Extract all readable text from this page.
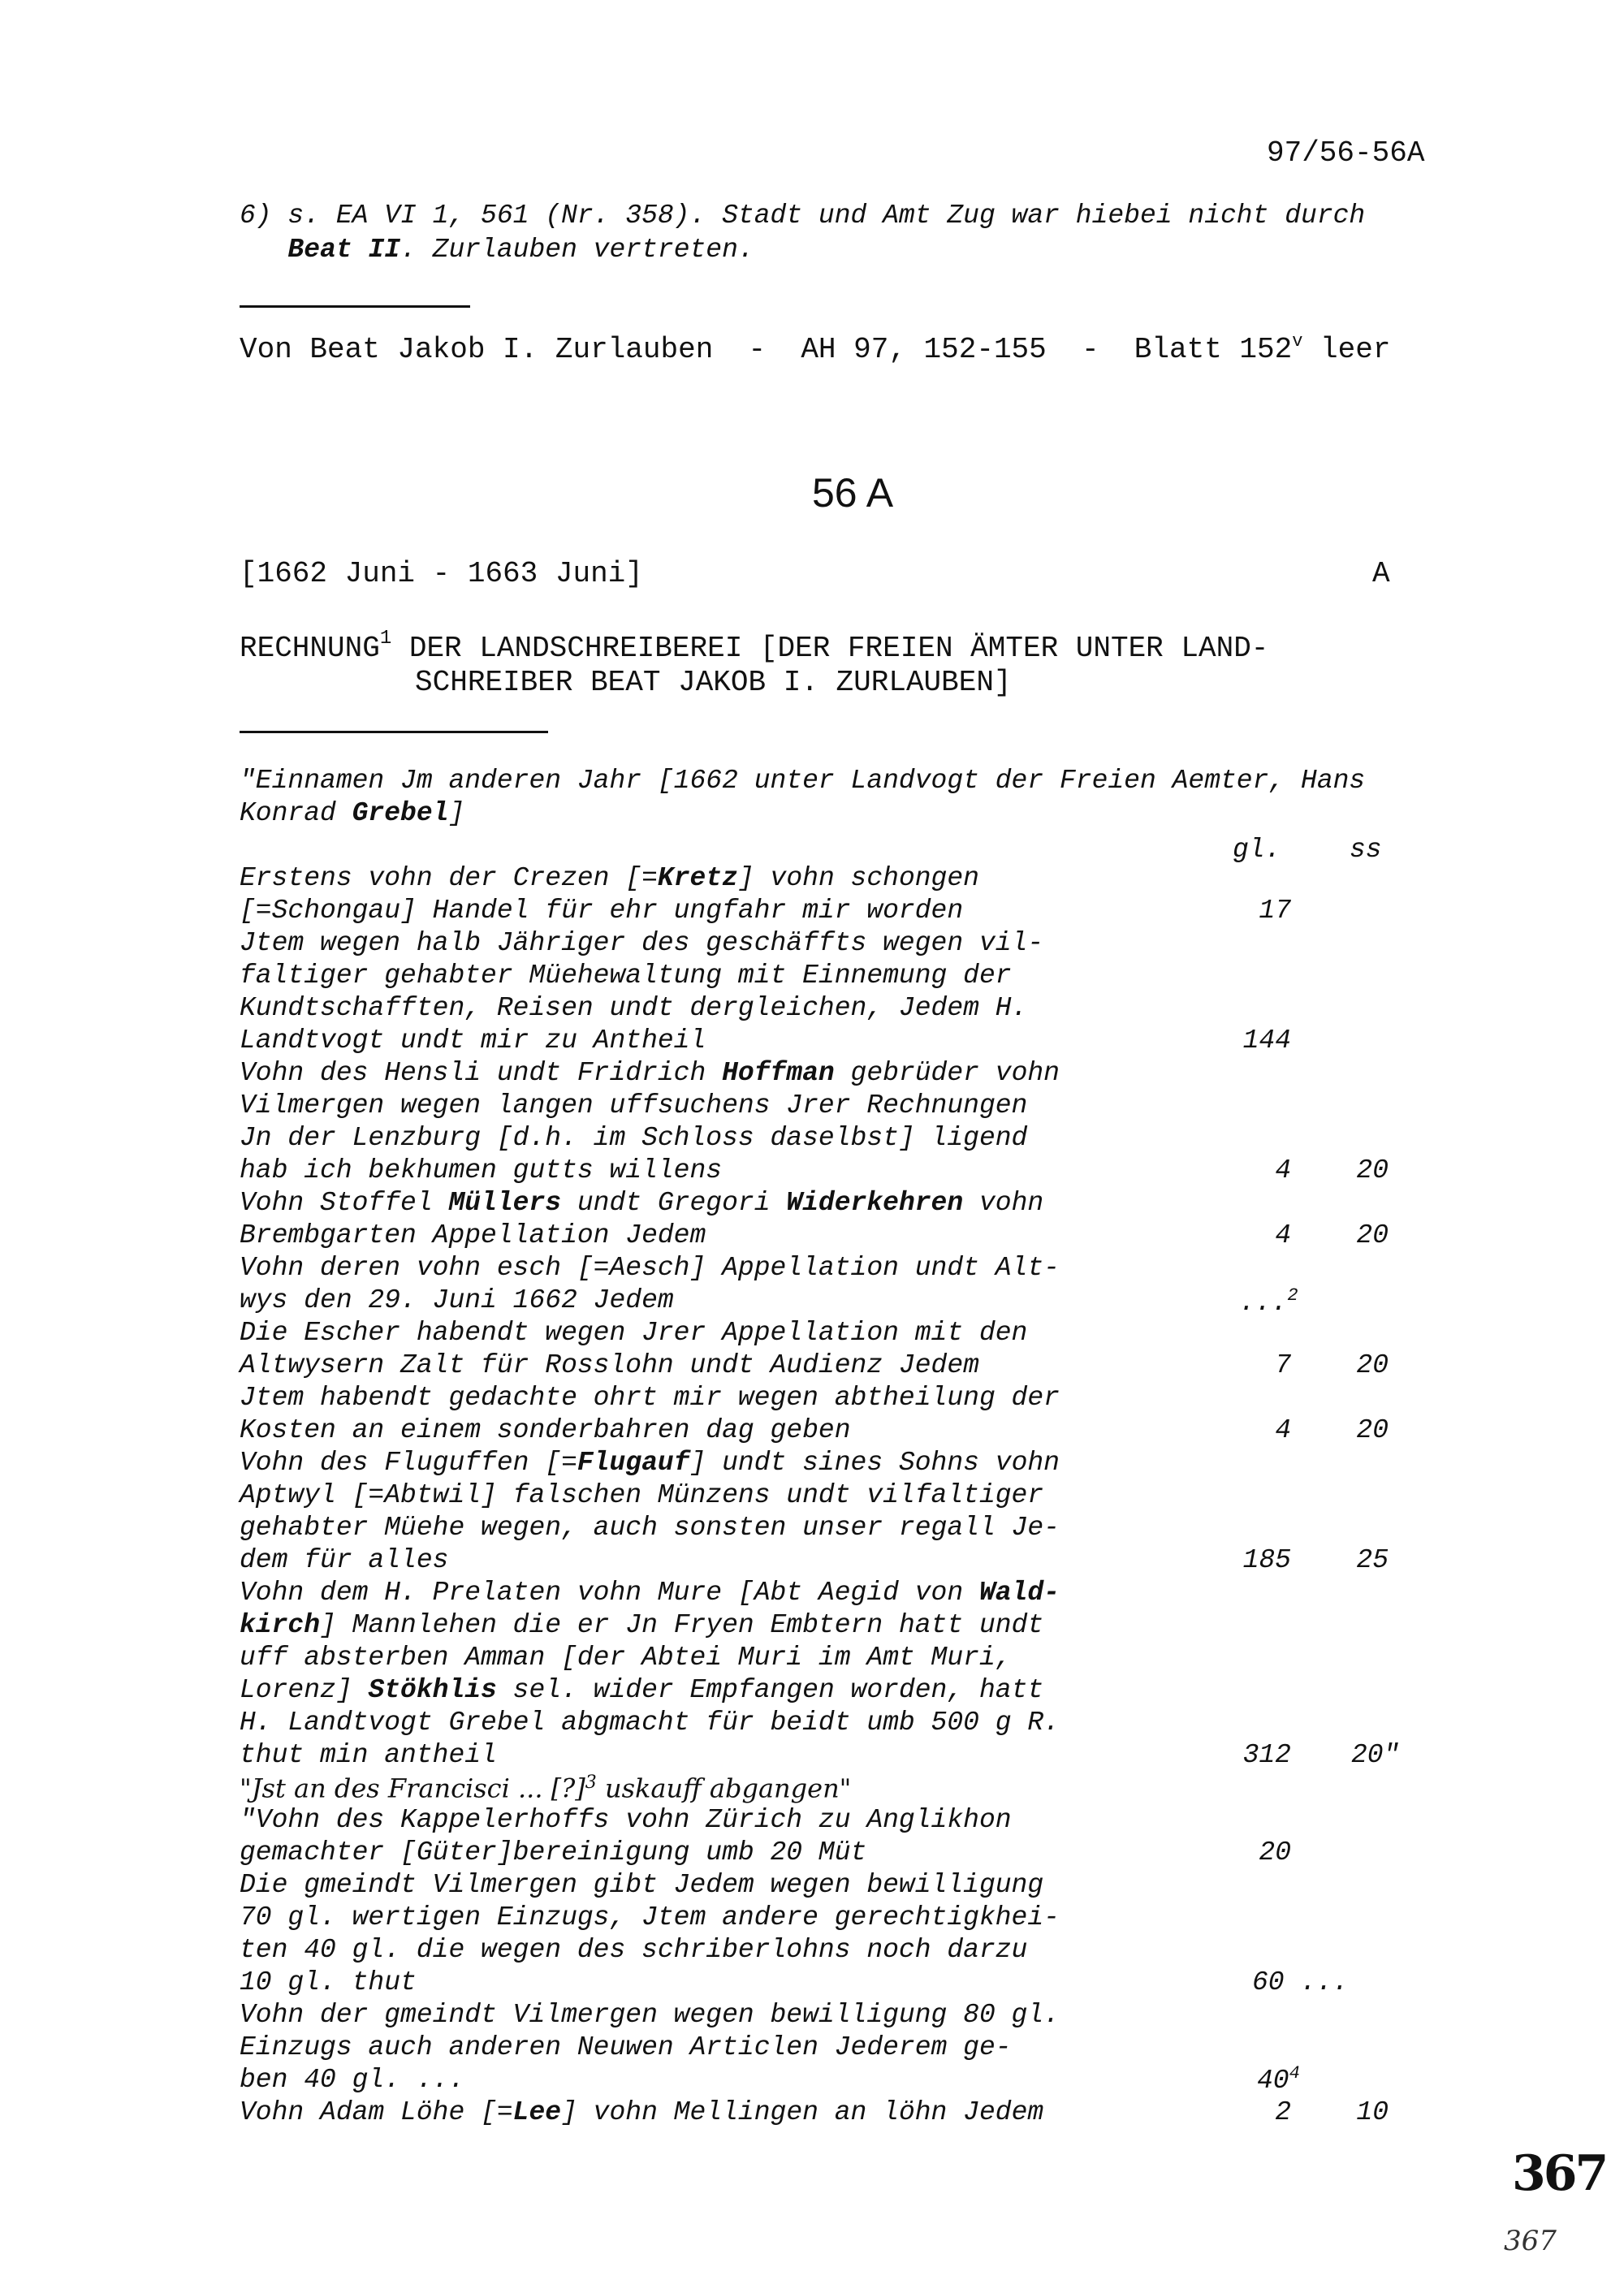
97/56-56A
6) s. EA VI 1, 561 (Nr. 358). Stadt und Amt Zug war hiebei nicht durch
Beat II. Zurlauben vertreten.
Von Beat Jakob I. Zurlauben  -  AH 97, 152-155  -  Blatt 152$^v$ leer
56 A
[1662 Juni - 1663 Juni]	A
RECHNUNG$^1$ DER LANDSCHREIBEREI [DER FREIEN ÄMTER UNTER LAND-
SCHREIBER BEAT JAKOB I. ZURLAUBEN]
"Einnamen Jm anderen Jahr [1662 unter Landvogt der Freien Aemter, Hans
Konrad Grebel]
gl.	ss
Erstens vohn der Crezen [=Kretz] vohn schongen
[=Schongau] Handel für ehr ungfahr mir worden
Jtem wegen halb Jähriger des geschäffts wegen vil-
faltiger gehabter Müehewaltung mit Einnemung der
Kundtschafften, Reisen undt dergleichen, Jedem H.
Landtvogt undt mir zu Antheil
Vohn des Hensli undt Fridrich Hoffman gebrüder vohn
Vilmergen wegen langen uffsuchens Jrer Rechnungen
Jn der Lenzburg [d.h. im Schloss daselbst] ligend
hab ich bekhumen gutts willens
Vohn Stoffel Müllers undt Gregori Widerkehren vohn
Brembgarten Appellation Jedem
Vohn deren vohn esch [=Aesch] Appellation undt Alt-
wys den 29. Juni 1662 Jedem
Die Escher habendt wegen Jrer Appellation mit den
Altwysern Zalt für Rosslohn undt Audienz Jedem
Jtem habendt gedachte ohrt mir wegen abtheilung der
Kosten an einem sonderbahren dag geben
Vohn des Fluguffen [=Flugauf] undt sines Sohns vohn
Aptwyl [=Abtwil] falschen Münzens undt vilfaltiger
gehabter Müehe wegen, auch sonsten unser regall Je-
dem für alles
Vohn dem H. Prelaten vohn Mure [Abt Aegid von Wald-
kirch] Mannlehen die er Jn Fryen Embtern hatt undt
uff absterben Amman [der Abtei Muri im Amt Muri,
Lorenz] Stökhlis sel. wider Empfangen worden, hatt
H. Landtvogt Grebel abgmacht für beidt umb 500 g R.
thut min antheil
"Jst an des Francisci ... [?]$^3$ uskauff abgangen"
"Vohn des Kappelerhoffs vohn Zürich zu Anglikhon
gemachter [Güter]bereinigung umb 20 Müt
Die gmeindt Vilmergen gibt Jedem wegen bewilligung
70 gl. wertigen Einzugs, Jtem andere gerechtigkhei-
ten 40 gl. die wegen des schriberlohns noch darzu
10 gl. thut
Vohn der gmeindt Vilmergen wegen bewilligung 80 gl.
Einzugs auch anderen Neuwen Articlen Jederem ge-
ben 40 gl. ...
Vohn Adam Löhe [=Lee] vohn Mellingen an löhn Jedem
17
144
4 20
4 20
...$^2$
7 20
4 20
185 25
312 20"
20
60 ...
$40^4$
2 10
367
367
